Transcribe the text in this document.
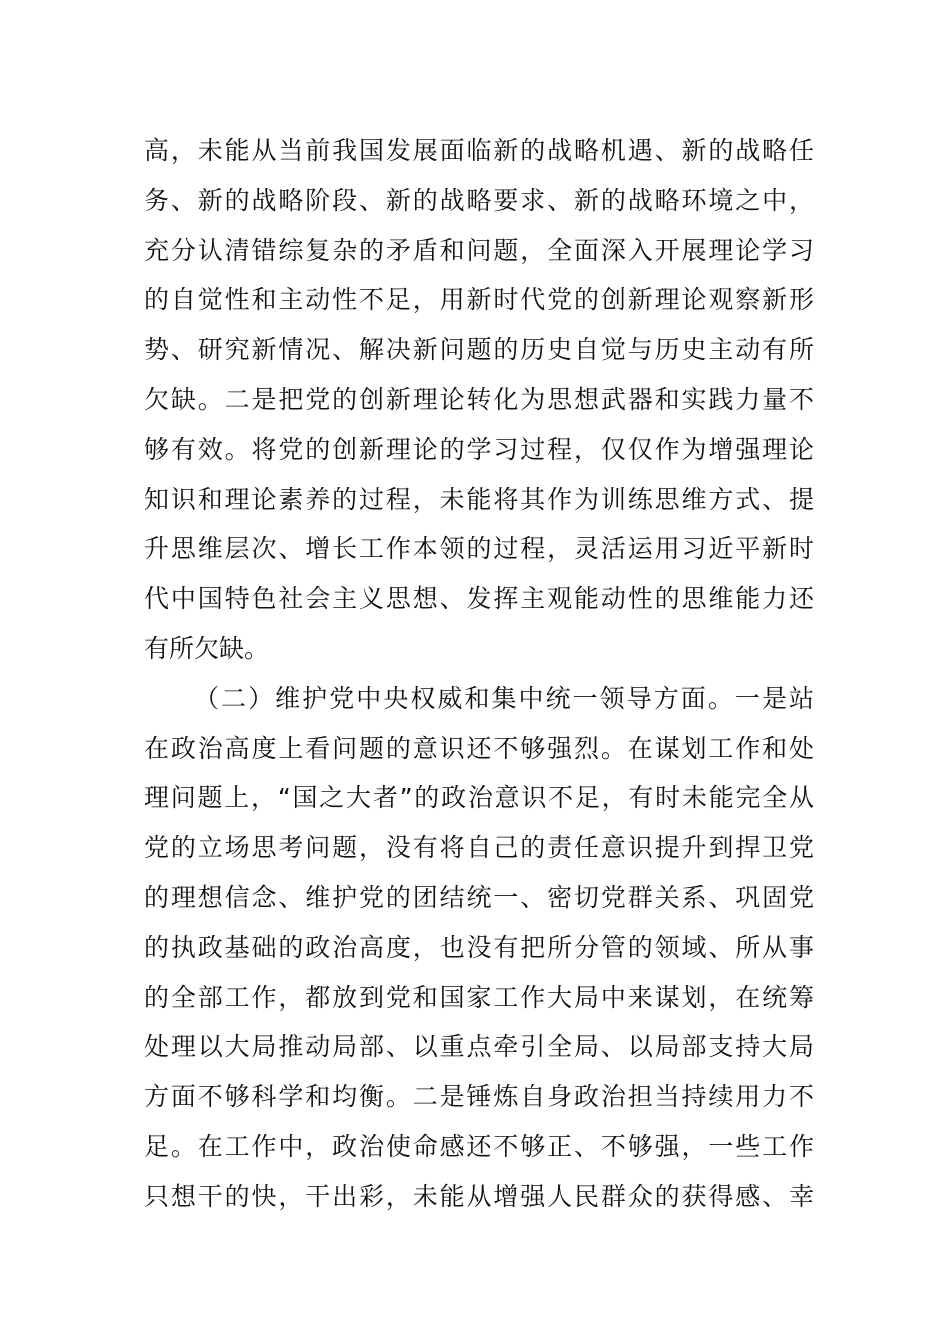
高，未能从当前我国发展面临新的战略机遇、新的战略任
务、新的战略阶段、新的战略要求、新的战略环境之中，
充分认清错综复杂的矛盾和问题，全面深入开展理论学习
的自觉性和主动性不足，用新时代党的创新理论观察新形
势、研究新情况、解决新问题的历史自觉与历史主动有所
欠缺。二是把党的创新理论转化为思想武器和实践力量不
够有效。将党的创新理论的学习过程，仅仅作为增强理论
知识和理论素养的过程，未能将其作为训练思维方式、提
升思维层次、增长工作本领的过程，灵活运用习近平新时
代中国特色社会主义思想、发挥主观能动性的思维能力还
有所欠缺。
（二）维护党中央权威和集中统一领导方面。一是站
在政治高度上看问题的意识还不够强烈。在谋划工作和处
理问题上，“国之大者”的政治意识不足，有时未能完全从
党的立场思考问题，没有将自己的责任意识提升到捍卫党
的理想信念、维护党的团结统一、密切党群关系、巩固党
的执政基础的政治高度，也没有把所分管的领域、所从事
的全部工作，都放到党和国家工作大局中来谋划，在统筹
处理以大局推动局部、以重点牵引全局、以局部支持大局
方面不够科学和均衡。二是锤炼自身政治担当持续用力不
足。在工作中，政治使命感还不够正、不够强，一些工作
只想干的快，干出彩，未能从增强人民群众的获得感、幸
